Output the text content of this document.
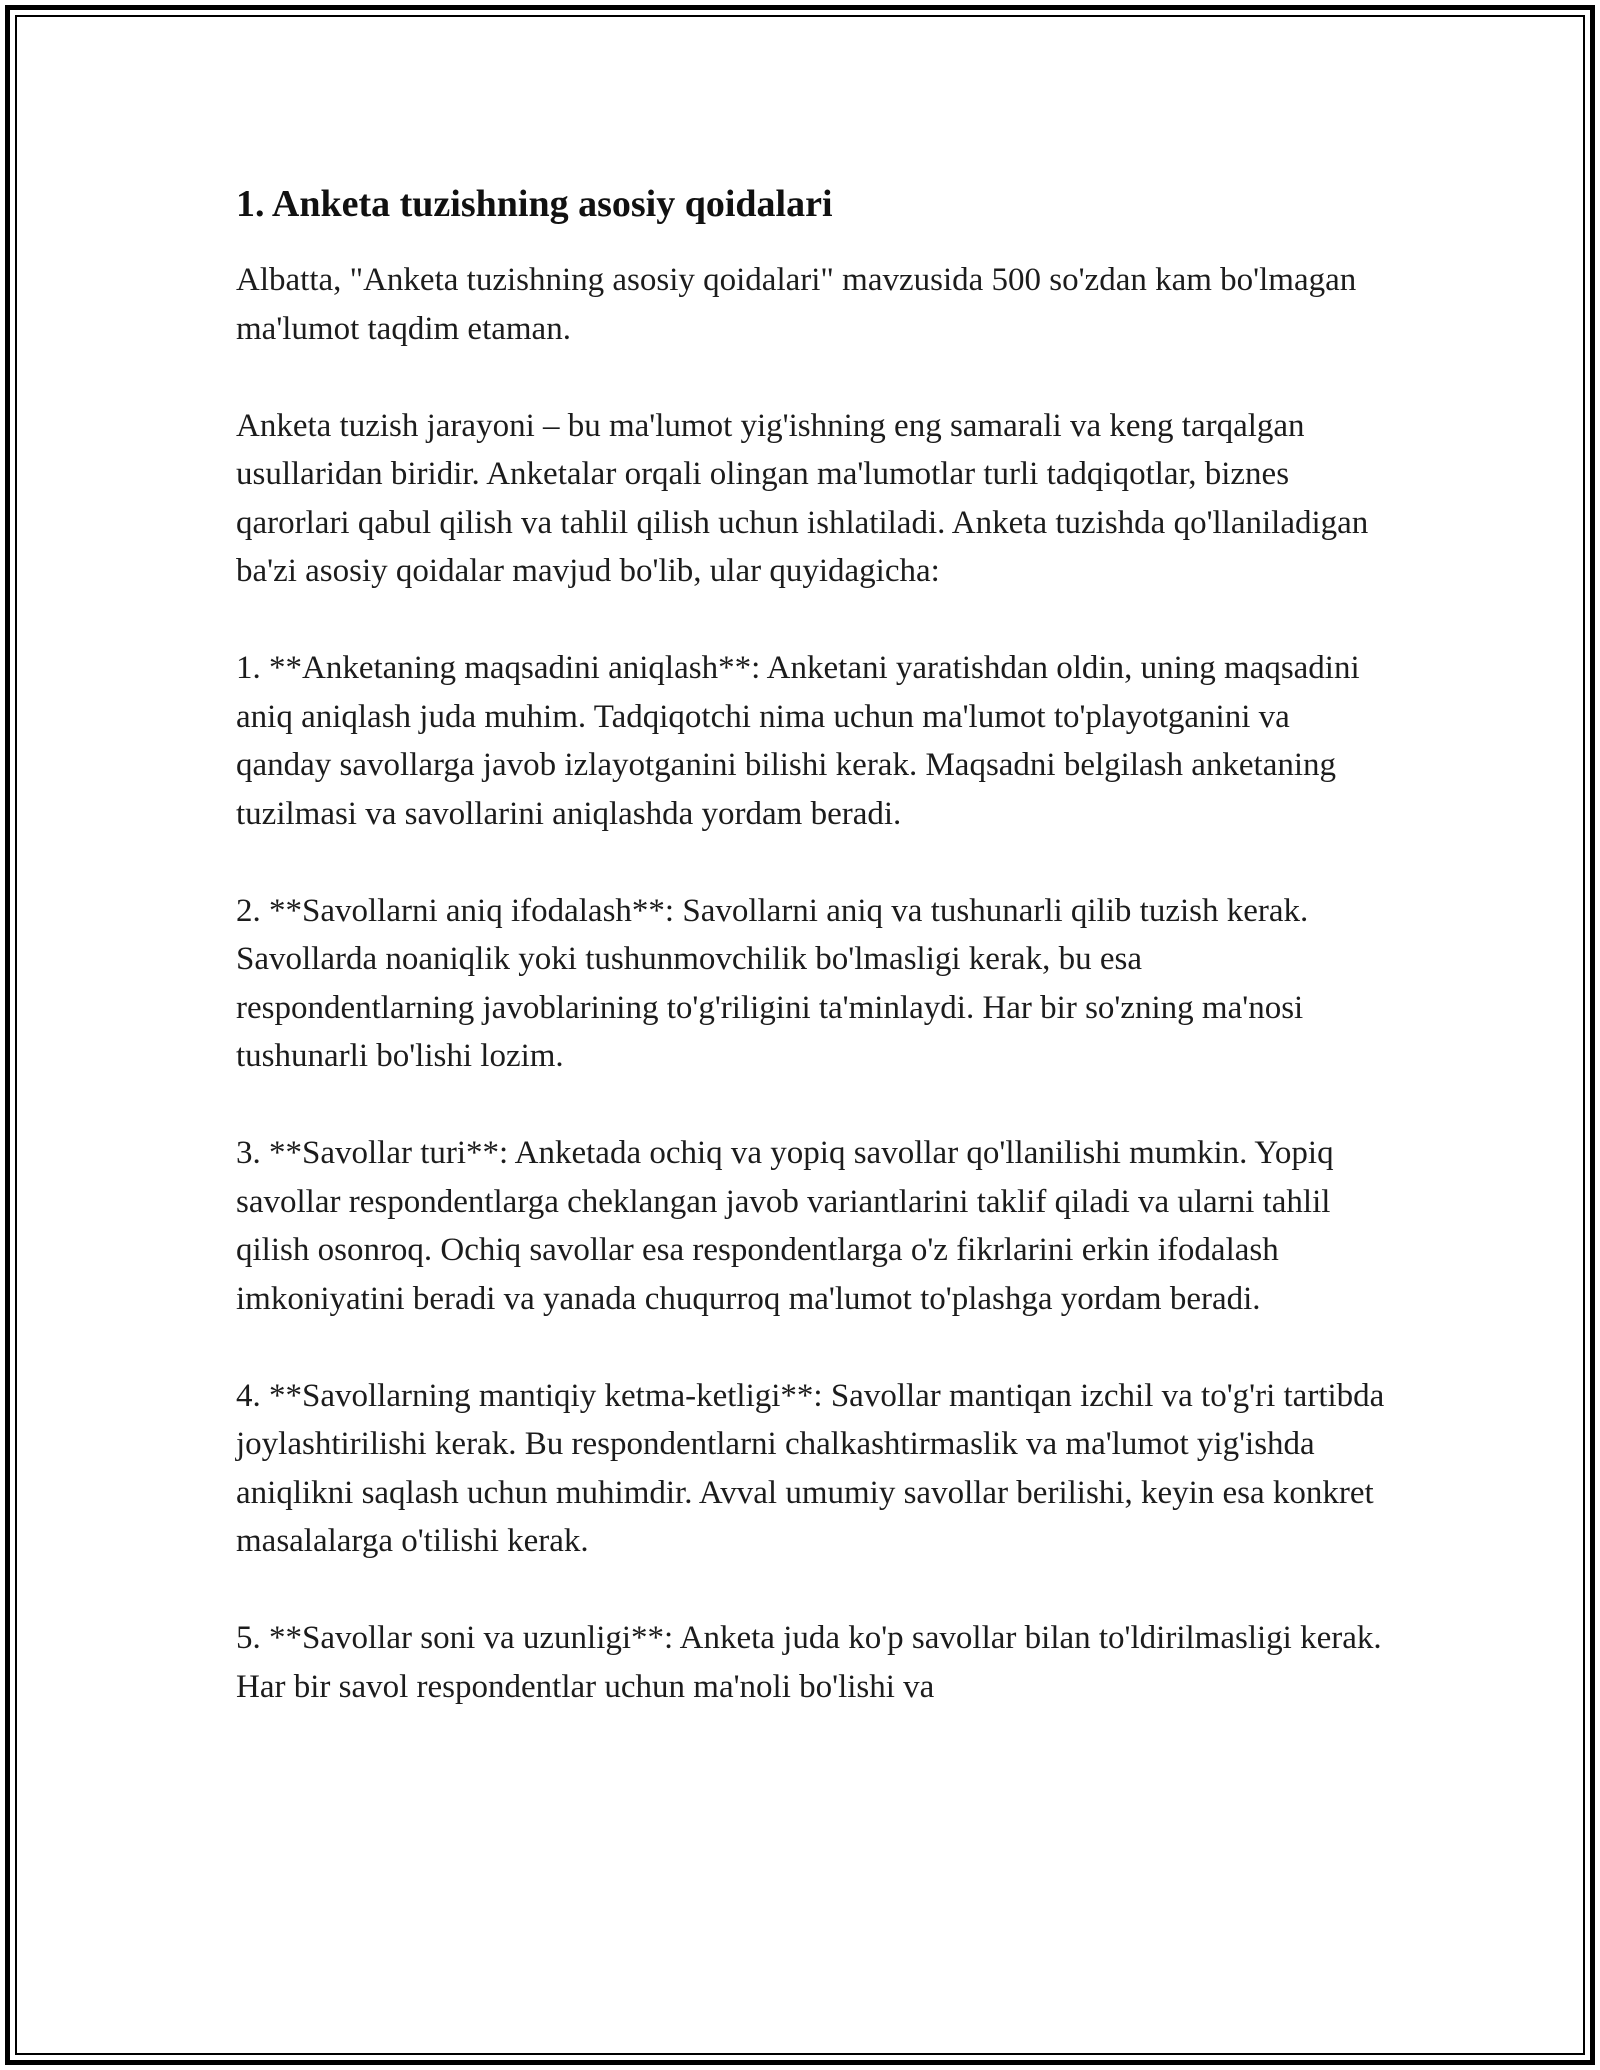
1. Anketa tuzishning asosiy qoidalari

Albatta, "Anketa tuzishning asosiy qoidalari" mavzusida 500 so'zdan kam bo'lmagan ma'lumot taqdim etaman.

Anketa tuzish jarayoni – bu ma'lumot yig'ishning eng samarali va keng tarqalgan usullaridan biridir. Anketalar orqali olingan ma'lumotlar turli tadqiqotlar, biznes qarorlari qabul qilish va tahlil qilish uchun ishlatiladi. Anketa tuzishda qo'llaniladigan ba'zi asosiy qoidalar mavjud bo'lib, ular quyidagicha:

1. **Anketaning maqsadini aniqlash**: Anketani yaratishdan oldin, uning maqsadini aniq aniqlash juda muhim. Tadqiqotchi nima uchun ma'lumot to'playotganini va qanday savollarga javob izlayotganini bilishi kerak. Maqsadni belgilash anketaning tuzilmasi va savollarini aniqlashda yordam beradi.

2. **Savollarni aniq ifodalash**: Savollarni aniq va tushunarli qilib tuzish kerak. Savollarda noaniqlik yoki tushunmovchilik bo'lmasligi kerak, bu esa respondentlarning javoblarining to'g'riligini ta'minlaydi. Har bir so'zning ma'nosi tushunarli bo'lishi lozim.

3. **Savollar turi**: Anketada ochiq va yopiq savollar qo'llanilishi mumkin. Yopiq savollar respondentlarga cheklangan javob variantlarini taklif qiladi va ularni tahlil qilish osonroq. Ochiq savollar esa respondentlarga o'z fikrlarini erkin ifodalash imkoniyatini beradi va yanada chuqurroq ma'lumot to'plashga yordam beradi.

4. **Savollarning mantiqiy ketma-ketligi**: Savollar mantiqan izchil va to'g'ri tartibda joylashtirilishi kerak. Bu respondentlarni chalkashtirmaslik va ma'lumot yig'ishda aniqlikni saqlash uchun muhimdir. Avval umumiy savollar berilishi, keyin esa konkret masalalarga o'tilishi kerak.

5. **Savollar soni va uzunligi**: Anketa juda ko'p savollar bilan to'ldirilmasligi kerak. Har bir savol respondentlar uchun ma'noli bo'lishi va
